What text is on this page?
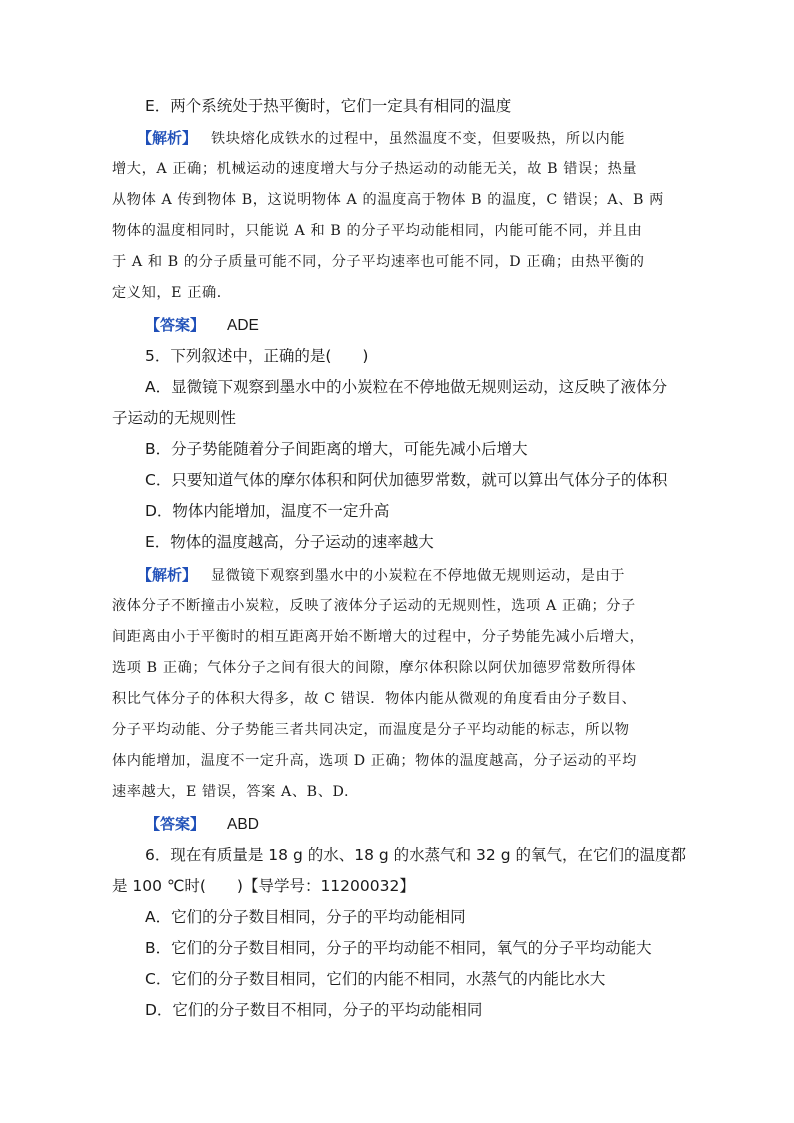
E．两个系统处于热平衡时，它们一定具有相同的温度
【解析】 铁块熔化成铁水的过程中，虽然温度不变，但要吸热，所以内能
增大，A 正确；机械运动的速度增大与分子热运动的动能无关，故 B 错误；热量
从物体 A 传到物体 B，这说明物体 A 的温度高于物体 B 的温度，C 错误；A、B 两
物体的温度相同时，只能说 A 和 B 的分子平均动能相同，内能可能不同，并且由
于 A 和 B 的分子质量可能不同，分子平均速率也可能不同，D 正确；由热平衡的
定义知，E 正确．
【答案】 ADE
5．下列叙述中，正确的是(　　)
A．显微镜下观察到墨水中的小炭粒在不停地做无规则运动，这反映了液体分
子运动的无规则性
B．分子势能随着分子间距离的增大，可能先减小后增大
C．只要知道气体的摩尔体积和阿伏加德罗常数，就可以算出气体分子的体积
D．物体内能增加，温度不一定升高
E．物体的温度越高，分子运动的速率越大
【解析】 显微镜下观察到墨水中的小炭粒在不停地做无规则运动，是由于
液体分子不断撞击小炭粒，反映了液体分子运动的无规则性，选项 A 正确；分子
间距离由小于平衡时的相互距离开始不断增大的过程中，分子势能先减小后增大，
选项 B 正确；气体分子之间有很大的间隙，摩尔体积除以阿伏加德罗常数所得体
积比气体分子的体积大得多，故 C 错误．物体内能从微观的角度看由分子数目、
分子平均动能、分子势能三者共同决定，而温度是分子平均动能的标志，所以物
体内能增加，温度不一定升高，选项 D 正确；物体的温度越高，分子运动的平均
速率越大，E 错误，答案 A、B、D.
【答案】 ABD
6．现在有质量是 18 g 的水、18 g 的水蒸气和 32 g 的氧气，在它们的温度都
是 100 ℃时(　　)【导学号：11200032】
A．它们的分子数目相同，分子的平均动能相同
B．它们的分子数目相同，分子的平均动能不相同，氧气的分子平均动能大
C．它们的分子数目相同，它们的内能不相同，水蒸气的内能比水大
D．它们的分子数目不相同，分子的平均动能相同
